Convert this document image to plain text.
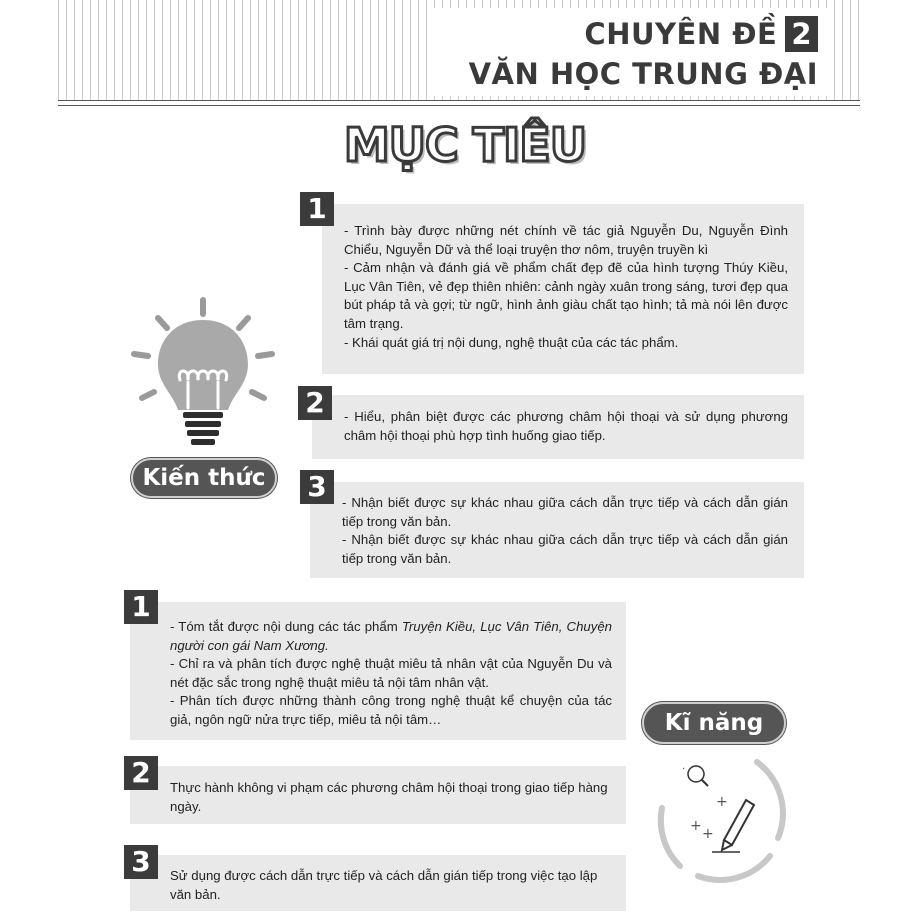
CHUYÊN ĐỀ 2
VĂN HỌC TRUNG ĐẠI
MỤC TIÊU
Kiến thức

- Trình bày được những nét chính về tác giả Nguyễn Du, Nguyễn Đình Chiểu, Nguyễn Dữ và thể loại truyện thơ nôm, truyện truyền kì

- Cảm nhận và đánh giá về phẩm chất đẹp đẽ của hình tượng Thúy Kiều, Lục Vân Tiên, vẻ đẹp thiên nhiên: cảnh ngày xuân trong sáng, tươi đẹp qua bút pháp tả và gợi; từ ngữ, hình ảnh giàu chất tạo hình; tả mà nói lên được tâm trạng.

- Khái quát giá trị nội dung, nghệ thuật của các tác phẩm.

1

- Hiểu, phân biệt được các phương châm hội thoại và sử dụng phương châm hội thoại phù hợp tình huống giao tiếp.

2

- Nhận biết được sự khác nhau giữa cách dẫn trực tiếp và cách dẫn gián tiếp trong văn bản.

- Nhận biết được sự khác nhau giữa cách dẫn trực tiếp và cách dẫn gián tiếp trong văn bản.

3

- Tóm tắt được nội dung các tác phẩm Truyện Kiều, Lục Vân Tiên, Chuyện người con gái Nam Xương.

- Chỉ ra và phân tích được nghệ thuật miêu tả nhân vật của Nguyễn Du và nét đặc sắc trong nghệ thuật miêu tả nội tâm nhân vật.

- Phân tích được những thành công trong nghệ thuật kể chuyện của tác giả, ngôn ngữ nửa trực tiếp, miêu tả nội tâm…

1

Thực hành không vi phạm các phương châm hội thoại trong giao tiếp hàng ngày.

2

Sử dụng được cách dẫn trực tiếp và cách dẫn gián tiếp trong việc tạo lập văn bản.

3
Kĩ năng
+
+ +
·
